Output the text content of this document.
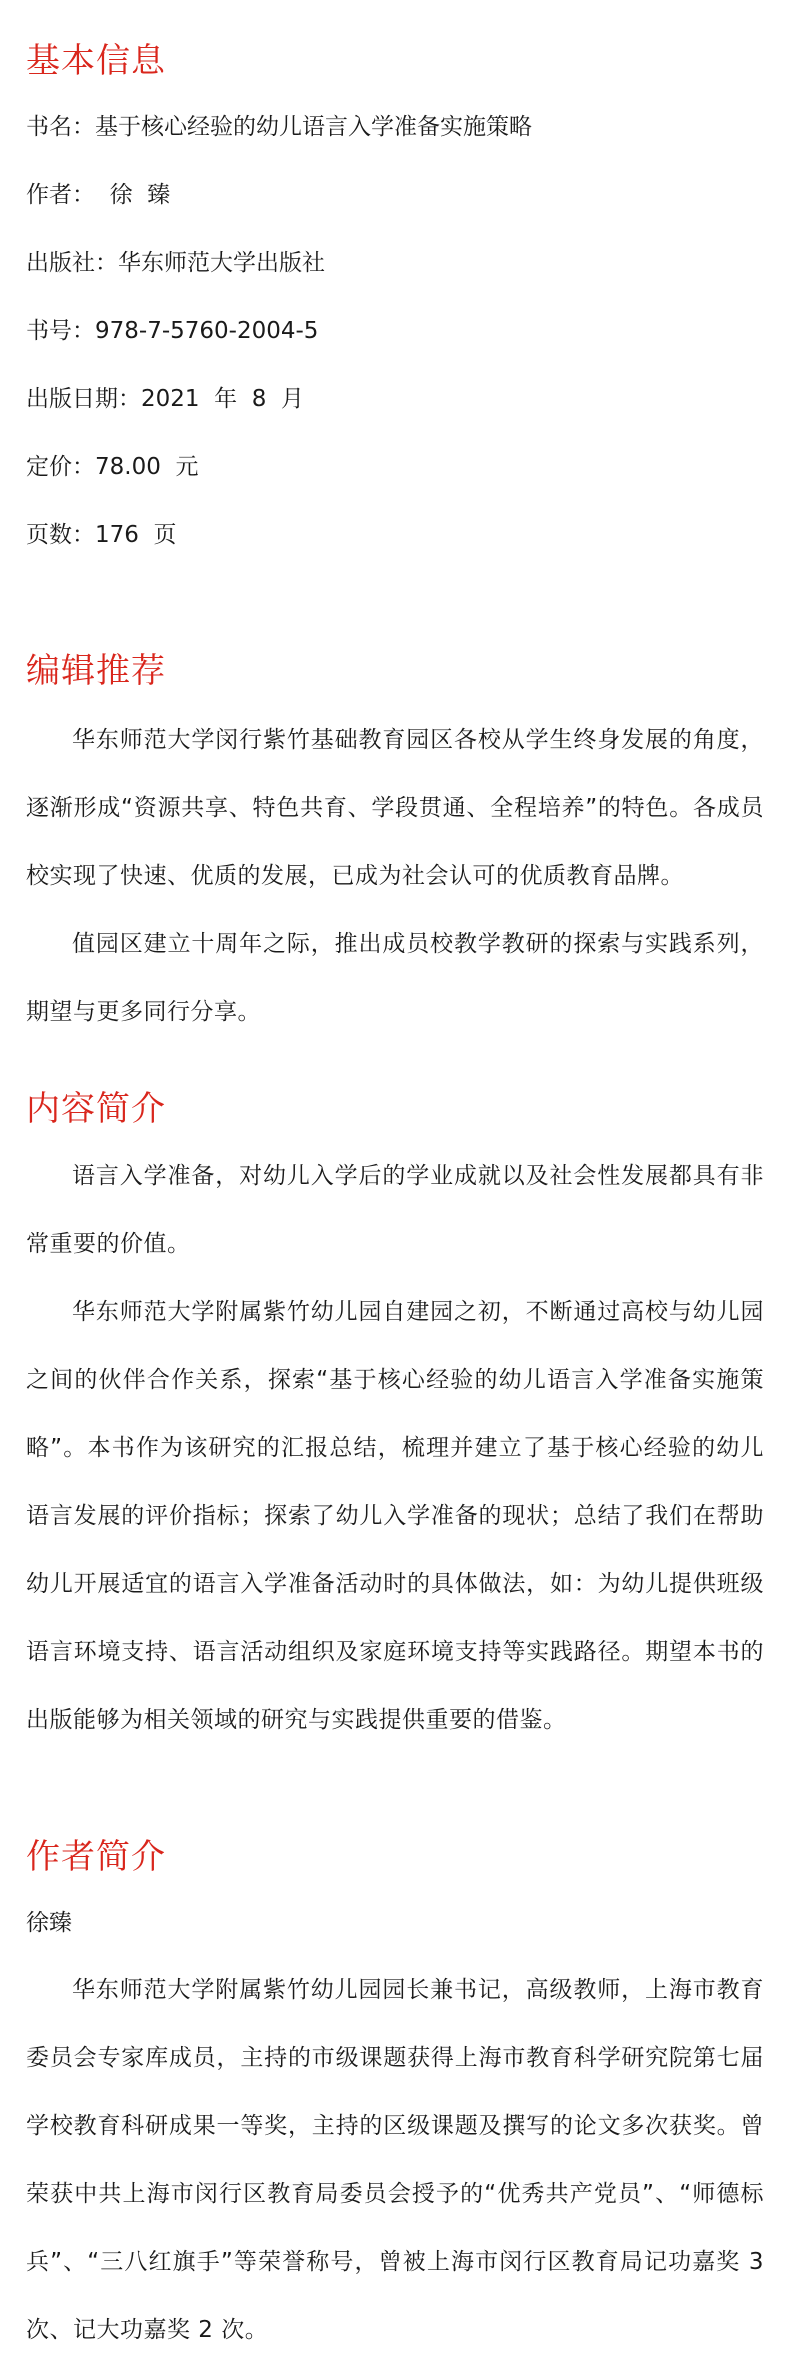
基本信息

书名：基于核心经验的幼儿语言入学准备实施策略

作者：  徐  臻

出版社：华东师范大学出版社

书号：978-7-5760-2004-5

出版日期：2021  年  8  月

定价：78.00  元

页数：176  页

编辑推荐

华东师范大学闵行紫竹基础教育园区各校从学生终身发展的角度，逐渐形成“资源共享、特色共育、学段贯通、全程培养”的特色。各成员校实现了快速、优质的发展，已成为社会认可的优质教育品牌。

值园区建立十周年之际，推出成员校教学教研的探索与实践系列，期望与更多同行分享。

内容简介

语言入学准备，对幼儿入学后的学业成就以及社会性发展都具有非常重要的价值。

华东师范大学附属紫竹幼儿园自建园之初，不断通过高校与幼儿园之间的伙伴合作关系，探索“基于核心经验的幼儿语言入学准备实施策略”。本书作为该研究的汇报总结，梳理并建立了基于核心经验的幼儿语言发展的评价指标；探索了幼儿入学准备的现状；总结了我们在帮助幼儿开展适宜的语言入学准备活动时的具体做法，如：为幼儿提供班级语言环境支持、语言活动组织及家庭环境支持等实践路径。期望本书的出版能够为相关领域的研究与实践提供重要的借鉴。

作者简介

徐臻

华东师范大学附属紫竹幼儿园园长兼书记，高级教师，上海市教育委员会专家库成员，主持的市级课题获得上海市教育科学研究院第七届学校教育科研成果一等奖，主持的区级课题及撰写的论文多次获奖。曾荣获中共上海市闵行区教育局委员会授予的“优秀共产党员”、“师德标兵”、“三八红旗手”等荣誉称号，曾被上海市闵行区教育局记功嘉奖 3 次、记大功嘉奖 2 次。
